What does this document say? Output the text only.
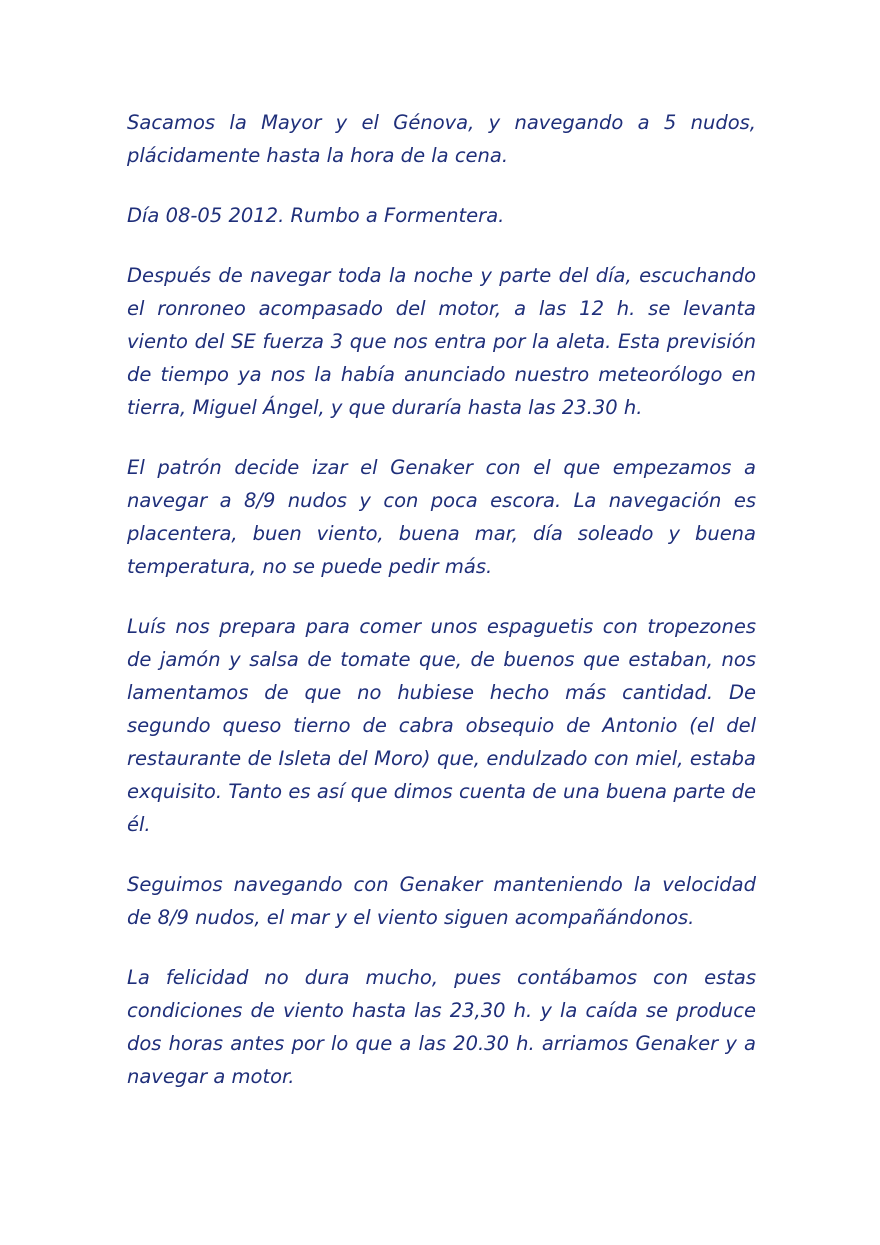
Sacamos la Mayor y el Génova, y navegando a 5 nudos, plácidamente hasta la hora de la cena.

Día 08-05 2012. Rumbo a Formentera.

Después de navegar toda la noche y parte del día, escuchando el ronroneo acompasado del motor, a las 12 h. se levanta viento del SE fuerza 3 que nos entra por la aleta. Esta previsión de tiempo ya nos la había anunciado nuestro meteorólogo en tierra, Miguel Ángel, y que duraría hasta las 23.30 h.

El patrón decide izar el Genaker con el que empezamos a navegar a 8/9 nudos y con poca escora. La navegación es placentera, buen viento, buena mar, día soleado y buena temperatura, no se puede pedir más.

Luís nos prepara para comer unos espaguetis con tropezones de jamón y salsa de tomate que, de buenos que estaban, nos lamentamos de que no hubiese hecho más cantidad. De segundo queso tierno de cabra obsequio de Antonio (el del restaurante de Isleta del Moro) que, endulzado con miel, estaba exquisito. Tanto es así que dimos cuenta de una buena parte de él.

Seguimos navegando con Genaker manteniendo la velocidad de 8/9 nudos, el mar y el viento siguen acompañándonos.

La felicidad no dura mucho, pues contábamos con estas condiciones de viento hasta las 23,30 h. y la caída se produce dos horas antes por lo que a las 20.30 h. arriamos Genaker y a navegar a motor.
